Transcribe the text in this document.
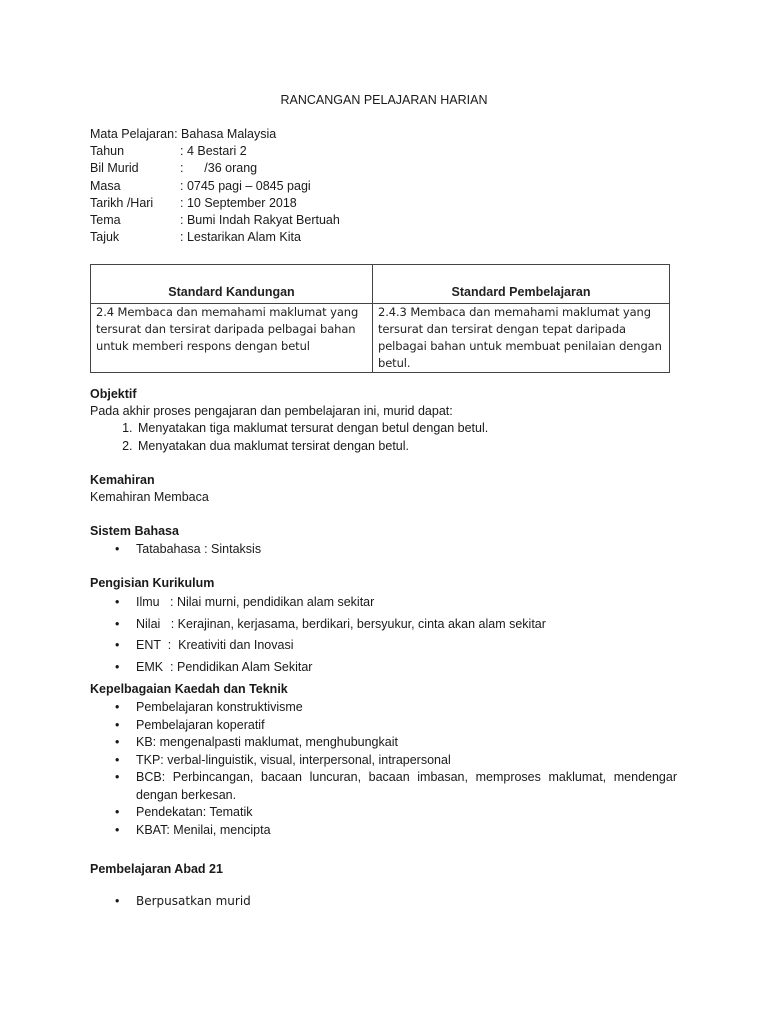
RANCANGAN PELAJARAN HARIAN
Mata Pelajaran: Bahasa Malaysia
Tahun	: 4 Bestari 2
Bil Murid	:      /36 orang
Masa	: 0745 pagi – 0845 pagi
Tarikh /Hari : 10 September 2018
Tema	: Bumi Indah Rakyat Bertuah
Tajuk	: Lestarikan Alam Kita
Standard Kandungan	Standard Pembelajaran
2.4 Membaca dan memahami maklumat yang tersurat dan tersirat daripada pelbagai bahan untuk memberi respons dengan betul	2.4.3 Membaca dan memahami maklumat yang tersurat dan tersirat dengan tepat daripada pelbagai bahan untuk membuat penilaian dengan betul.
Objektif
Pada akhir proses pengajaran dan pembelajaran ini, murid dapat:
1. Menyatakan tiga maklumat tersurat dengan betul dengan betul.
2. Menyatakan dua maklumat tersirat dengan betul.
Kemahiran
Kemahiran Membaca
Sistem Bahasa
• Tatabahasa : Sintaksis
Pengisian Kurikulum
• Ilmu   : Nilai murni, pendidikan alam sekitar
• Nilai   : Kerajinan, kerjasama, berdikari, bersyukur, cinta akan alam sekitar
• ENT  :  Kreativiti dan Inovasi
• EMK  : Pendidikan Alam Sekitar
Kepelbagaian Kaedah dan Teknik
• Pembelajaran konstruktivisme
• Pembelajaran koperatif
• KB: mengenalpasti maklumat, menghubungkait
• TKP: verbal-linguistik, visual, interpersonal, intrapersonal
• BCB: Perbincangan, bacaan luncuran, bacaan imbasan, memproses maklumat, mendengar dengan berkesan.
• Pendekatan: Tematik
• KBAT: Menilai, mencipta
Pembelajaran Abad 21
• Berpusatkan murid
